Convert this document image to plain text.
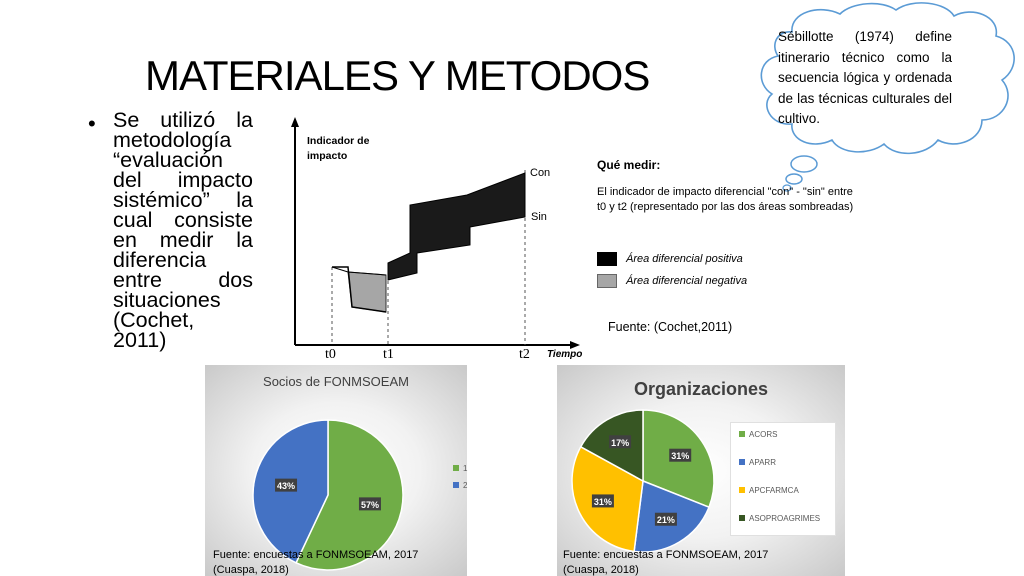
MATERIALES Y METODOS
• Se utilizó la metodología “evaluación del impacto sistémico” la cual consiste en medir la diferencia entre dos situaciones (Cochet, 2011)
Sébillotte (1974) define itinerario técnico como la secuencia lógica y ordenada de las técnicas culturales del cultivo.
Indicador de
impacto
Con
Sin
t0	t1	t2 Tiempo
Qué medir:
El indicador de impacto diferencial "con" - "sin" entre
t0 y t2 (representado por las dos áreas sombreadas)
Área diferencial positiva
Área diferencial negativa
Fuente: (Cochet,2011)
Socios de FONMSOEAM
57%
43%
1
2
Fuente: encuestas a FONMSOEAM, 2017
(Cuaspa, 2018)
Organizaciones
31%
21%
31%
17%
ACORS
APARR
APCFARMCA
ASOPROAGRIMES
Fuente: encuestas a FONMSOEAM, 2017
(Cuaspa, 2018)
